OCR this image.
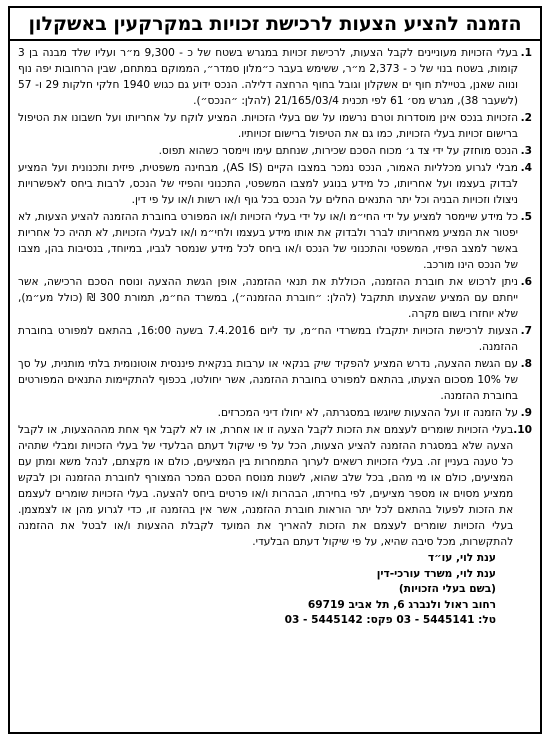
הזמנה להציע הצעות לרכישת זכויות במקרקעין באשקלון
1.
בעלי הזכויות מעוניינים לקבל הצעות, לרכישת זכויות במגרש בשטח של כ - 9,300 מ״ר ועליו שלד מבנה בן 3 קומות, בשטח בנוי של כ - 2,373 מ״ר, ששימש בעבר כ״מלון סמדר״, הממוקם במתחם, שבין הרחובות יפה נוף ונווה שאנן, בטיילת חוף ים אשקלון וגובל בחוף הרחצה דלילה. הנכס ידוע גם כגוש 1940 חלקי חלקות 29 ו- 57 (לשעבר 38), מגרש מס׳ 61 לפי תכנית 21/165/03/4 (להלן: ״הנכס״).
2.
הזכויות בנכס אינן מוסדרות וטרם נרשמו על שם בעלי הזכויות. המציע לוקח על אחריותו ועל חשבונו את הטיפול ברישום זכויות בעלי הזכויות, כמו גם את הטיפול ברישום זכויותיו.
3.
הנכס מוחזק על ידי צד ג׳ מכוח הסכם שכירות, שנחתם עימו ויימסר כשהוא תפוס.
4.
מבלי לגרוע מכלליות האמור, הנכס נמכר במצבו הקיים (AS IS), מבחינה משפטית, פיזית ותכנונית ועל המציע לבדוק בעצמו ועל אחריותו, כל מידע בנוגע למצבו המשפטי, התכנוני והפיזי של הנכס, לרבות ביחס לאפשרויות ניצולו וזכויות הבניה וכל יתר התנאים החלים על הנכס בכל גוף ו/או רשות ו/או על פי דין.
5.
כל מידע שיימסר למציע על ידי החי״מ ו/או על ידי בעלי הזכויות ו/או המפורט בחוברת ההזמנה להציע הצעות, לא יפטור את המציע מאחריותו לברר ולבדוק את אותו מידע בעצמו ולחי״מ ו/או לבעלי הזכויות, לא תהיה כל אחריות באשר למצב הפיזי, המשפטי והתכנוני של הנכס ו/או ביחס לכל מידע שנמסר לגביו, במיוחד, בנסיבות בהן, מצבו של הנכס הינו מורכב.
6.
ניתן לרכוש את חוברת ההזמנה, הכוללת את תנאי ההזמנה, אופן הגשת ההצעה ונוסח הסכם הרכישה, אשר ייחתם עם המציע שהצעתו תתקבל (להלן: ״חוברת ההזמנה״), במשרד הח״מ, תמורת 300 ₪ (כולל מע״מ), שלא יוחזרו בשום מקרה.
7.
הצעות לרכישת הזכויות יתקבלו במשרדי הח״מ, עד ליום 7.4.2016 בשעה 16:00, בהתאם למפורט בחוברת ההזמנה.
8.
עם הגשת ההצעה, נדרש המציע להפקיד שיק בנקאי או ערבות בנקאית פיננסית אוטונומית בלתי מותנית, על סך של 10% מסכום הצעתו, בהתאם למפורט בחוברת ההזמנה, אשר יחולטו, בכפוף להתקיימות התנאים המפורטים בחוברת ההזמנה.
9.
על הזמנה זו ועל ההצעות שיוגשו במסגרתה, לא יחולו דיני המכרזים.
10.
בעלי הזכויות שומרים לעצמם את הזכות לקבל הצעה זו או אחרת, או לא לקבל אף אחת מהההצעות, או לקבל הצעה שלא במסגרת ההזמנה להציע הצעות, הכל על פי שיקול דעתם הבלעדי של בעלי הזכויות ומבלי שתהיה כל טענה בעניין זה. בעלי הזכויות רשאים לערוך התמחרות בין המציעים, כולם או מקצתם, לנהל משא ומתן עם המציעים, כולם או מי מהם, בכל שלב שהוא, לשנות מנוסח הסכם המכר המצורף לחוברת ההזמנה וכן לבקש ממציע מסוים או מספר מציעים, לפי בחירתו, הבהרות ו/או פרטים ביחס להצעה. בעלי הזכויות שומרים לעצמם את הזכות לפעול בהתאם לכל יתר הוראות חוברת ההזמנה, אשר אין בהזמנה זו, כדי לגרוע מהן או לצמצמן. בעלי הזכויות שומרים לעצמם את הזכות להאריך את המועד לקבלת ההצעות ו/או לבטל את ההזמנה להתקשרות, מכל סיבה שהיא, על פי שיקול דעתם הבלעדי.
ענת לוי, עו״ד
ענת לוי, משרד עורכי-דין
(בשם בעלי הזכויות)
רחוב ראול ולנברג 6, תל אביב 69719
טל: 5445141 - 03 פקס: 5445142 - 03
